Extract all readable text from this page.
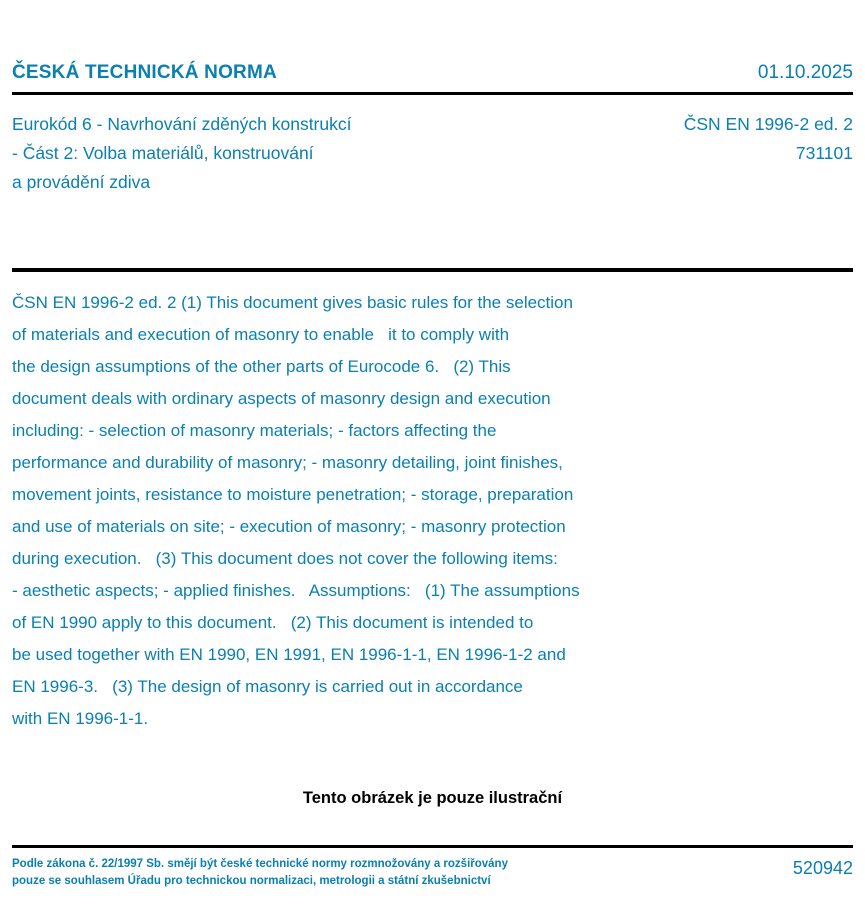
ČESKÁ TECHNICKÁ NORMA	01.10.2025
Eurokód 6 - Navrhování zděných konstrukcí
- Část 2: Volba materiálů, konstruování
a provádění zdiva
ČSN EN 1996-2 ed. 2
731101
ČSN EN 1996-2 ed. 2 (1) This document gives basic rules for the selection
of materials and execution of masonry to enable   it to comply with
the design assumptions of the other parts of Eurocode 6.   (2) This
document deals with ordinary aspects of masonry design and execution
including: - selection of masonry materials; - factors affecting the
performance and durability of masonry; - masonry detailing, joint finishes,
movement joints, resistance to moisture penetration; - storage, preparation
and use of materials on site; - execution of masonry; - masonry protection
during execution.   (3) This document does not cover the following items:
- aesthetic aspects; - applied finishes.   Assumptions:   (1) The assumptions
of EN 1990 apply to this document.   (2) This document is intended to
be used together with EN 1990, EN 1991, EN 1996-1-1, EN 1996-1-2 and
EN 1996-3.   (3) The design of masonry is carried out in accordance
with EN 1996-1-1.
Tento obrázek je pouze ilustrační
Podle zákona č. 22/1997 Sb. smějí být české technické normy rozmnožovány a rozšiřovány
pouze se souhlasem Úřadu pro technickou normalizaci, metrologii a státní zkušebnictví
520942
